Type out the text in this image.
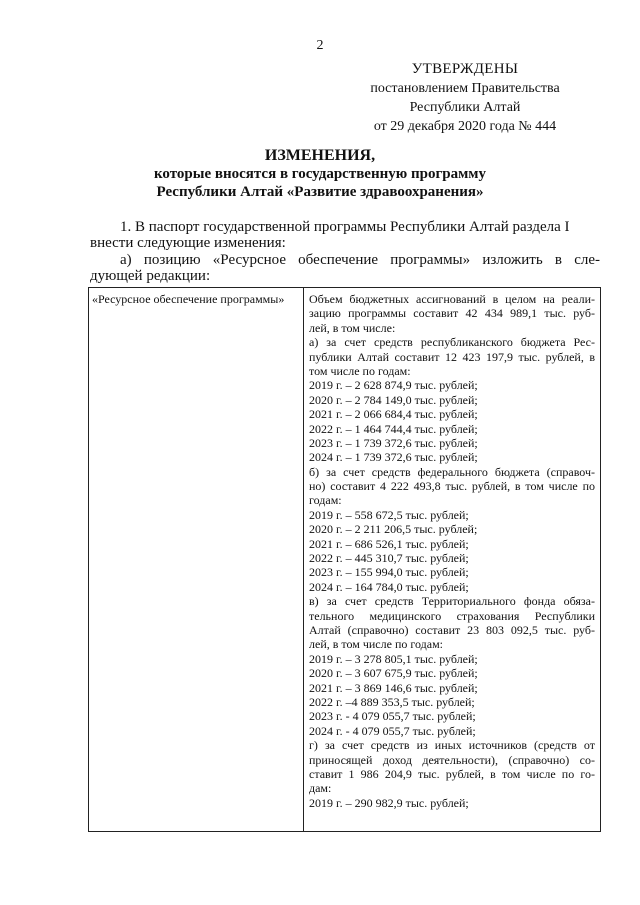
2
УТВЕРЖДЕНЫ
постановлением Правительства
Республики Алтай
от 29 декабря 2020 года № 444
ИЗМЕНЕНИЯ,
которые вносятся в государственную программу
Республики Алтай «Развитие здравоохранения»
1. В паспорт государственной программы Республики Алтай раздела I
внести следующие изменения:
а) позицию «Ресурсное обеспечение программы» изложить в сле-
дующей редакции:
«Ресурсное обеспечение программы»	Объем бюджетных ассигнований в целом на реали-
зацию программы составит 42 434 989,1 тыс. руб-
лей, в том числе:
а) за счет средств республиканского бюджета Рес-
публики Алтай составит 12 423 197,9 тыс. рублей, в
том числе по годам:
2019 г. – 2 628 874,9 тыс. рублей;
2020 г. – 2 784 149,0 тыс. рублей;
2021 г. – 2 066 684,4 тыс. рублей;
2022 г. – 1 464 744,4 тыс. рублей;
2023 г. – 1 739 372,6 тыс. рублей;
2024 г. – 1 739 372,6 тыс. рублей;
б) за счет средств федерального бюджета (справоч-
но) составит 4 222 493,8 тыс. рублей, в том числе по
годам:
2019 г. – 558 672,5 тыс. рублей;
2020 г. – 2 211 206,5 тыс. рублей;
2021 г. – 686 526,1 тыс. рублей;
2022 г. – 445 310,7 тыс. рублей;
2023 г. – 155 994,0 тыс. рублей;
2024 г. – 164 784,0 тыс. рублей;
в) за счет средств Территориального фонда обяза-
тельного медицинского страхования Республики
Алтай (справочно) составит 23 803 092,5 тыс. руб-
лей, в том числе по годам:
2019 г. – 3 278 805,1 тыс. рублей;
2020 г. – 3 607 675,9 тыс. рублей;
2021 г. – 3 869 146,6 тыс. рублей;
2022 г. –4 889 353,5 тыс. рублей;
2023 г. - 4 079 055,7 тыс. рублей;
2024 г. - 4 079 055,7 тыс. рублей;
г) за счет средств из иных источников (средств от
приносящей доход деятельности), (справочно) со-
ставит 1 986 204,9 тыс. рублей, в том числе по го-
дам:
2019 г. – 290 982,9 тыс. рублей;
